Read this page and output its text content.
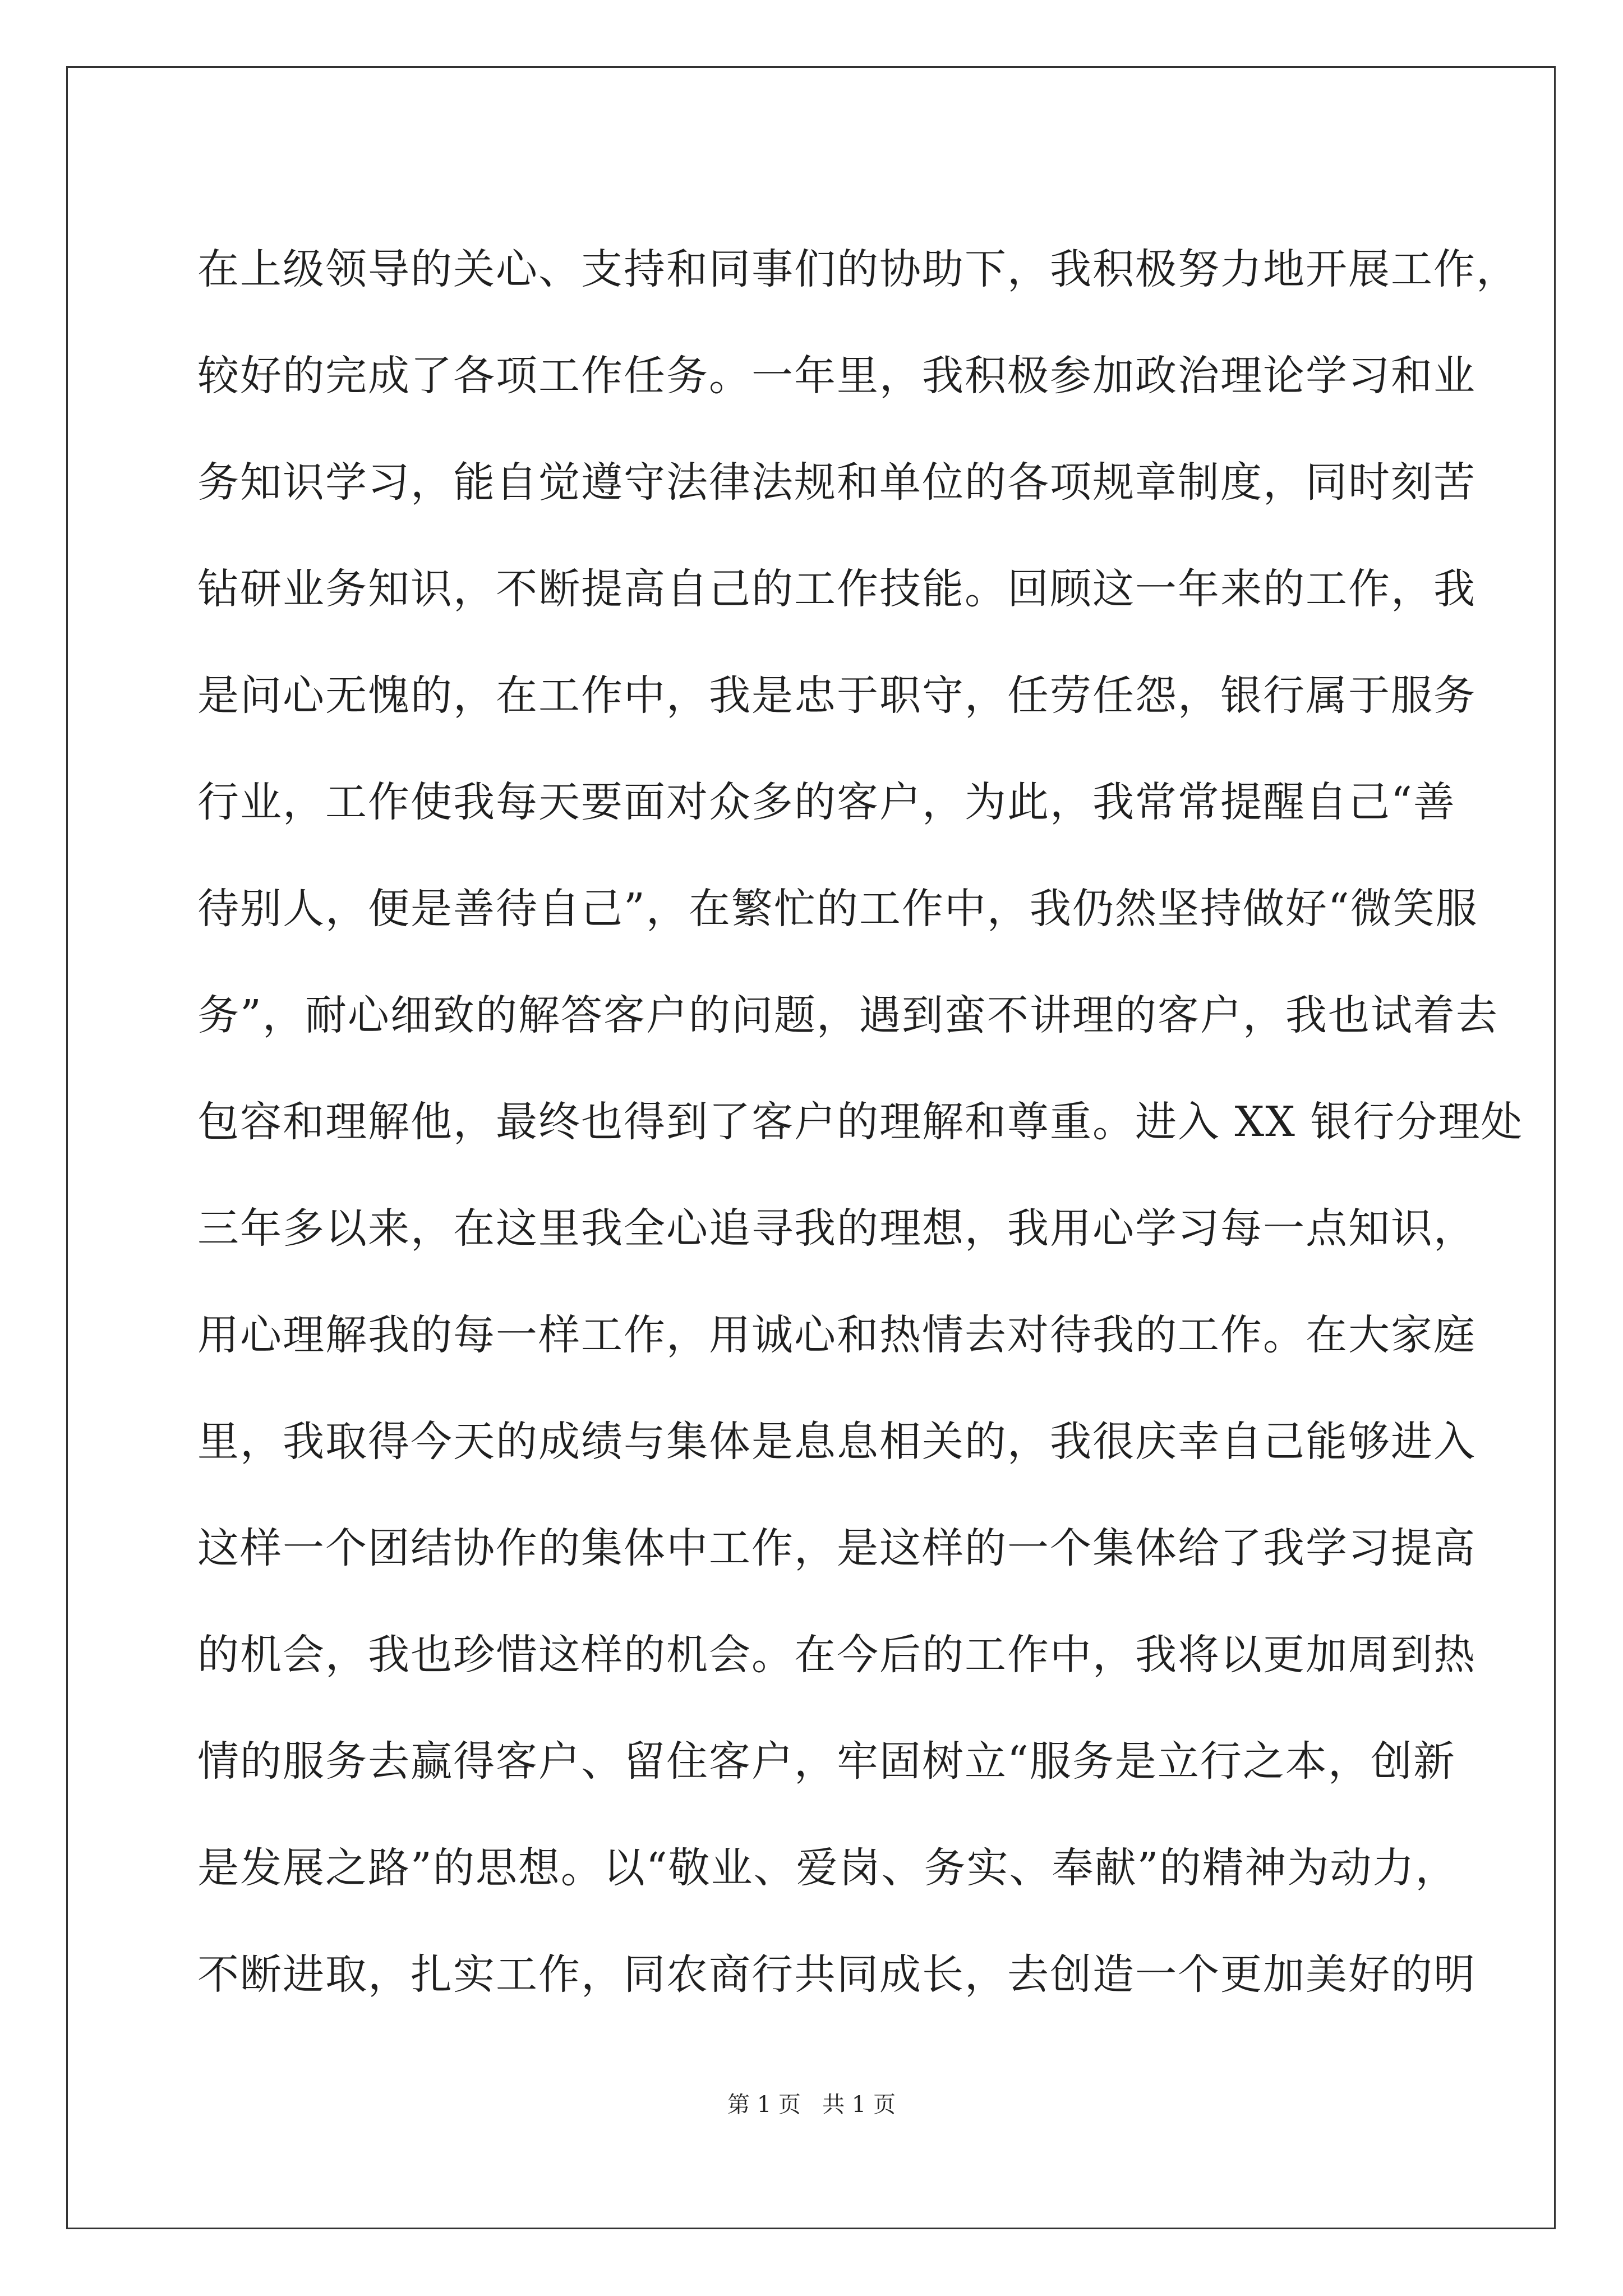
在上级领导的关心、支持和同事们的协助下，我积极努力地开展工作，
较好的完成了各项工作任务。一年里，我积极参加政治理论学习和业
务知识学习，能自觉遵守法律法规和单位的各项规章制度，同时刻苦
钻研业务知识，不断提高自己的工作技能。回顾这一年来的工作，我
是问心无愧的，在工作中，我是忠于职守，任劳任怨，银行属于服务
行业，工作使我每天要面对众多的客户，为此，我常常提醒自己“善
待别人，便是善待自己”，在繁忙的工作中，我仍然坚持做好“微笑服
务”，耐心细致的解答客户的问题，遇到蛮不讲理的客户，我也试着去
包容和理解他，最终也得到了客户的理解和尊重。进入 XX 银行分理处
三年多以来，在这里我全心追寻我的理想，我用心学习每一点知识，
用心理解我的每一样工作，用诚心和热情去对待我的工作。在大家庭
里，我取得今天的成绩与集体是息息相关的，我很庆幸自己能够进入
这样一个团结协作的集体中工作，是这样的一个集体给了我学习提高
的机会，我也珍惜这样的机会。在今后的工作中，我将以更加周到热
情的服务去赢得客户、留住客户，牢固树立“服务是立行之本，创新
是发展之路”的思想。以“敬业、爱岗、务实、奉献”的精神为动力，
不断进取，扎实工作，同农商行共同成长，去创造一个更加美好的明
第 1 页 共 1 页
